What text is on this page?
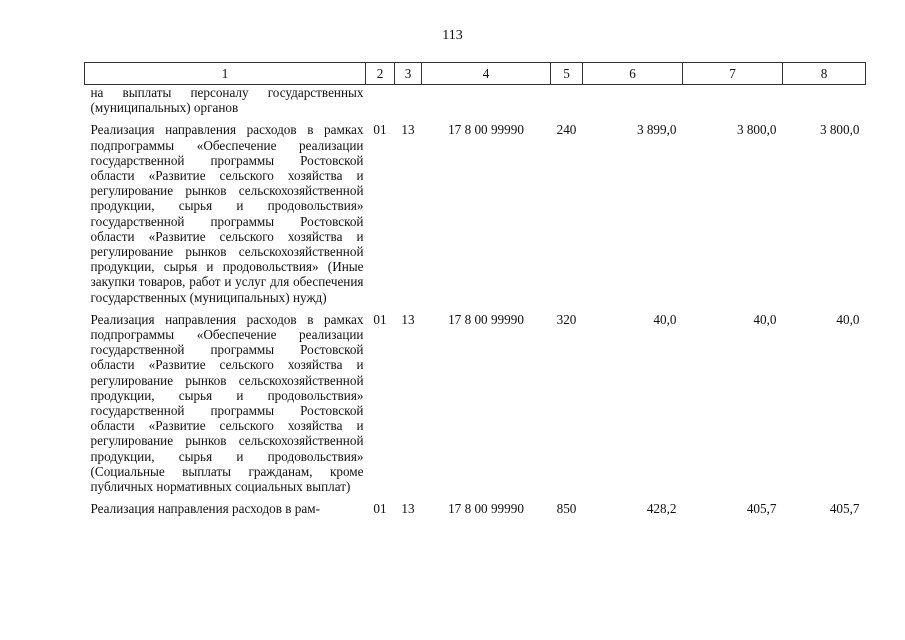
113
1	2	3	4	5	6	7	8
на выплаты персоналу государственных (муниципальных) органов							
Реализация направления расходов в рамках подпрограммы «Обеспечение реализации государственной программы Ростовской области «Развитие сельского хозяйства и регулирование рынков сельскохозяйственной продукции, сырья и продовольствия» государственной программы Ростовской области «Развитие сельского хозяйства и регулирование рынков сельскохозяйственной продукции, сырья и продовольствия» (Иные закупки товаров, работ и услуг для обеспечения государственных (муниципальных) нужд)	01	13	17 8 00 99990	240	3 899,0	3 800,0	3 800,0
Реализация направления расходов в рамках подпрограммы «Обеспечение реализации государственной программы Ростовской области «Развитие сельского хозяйства и регулирование рынков сельскохозяйственной продукции, сырья и продовольствия» государственной программы Ростовской области «Развитие сельского хозяйства и регулирование рынков сельскохозяйственной продукции, сырья и продовольствия» (Социальные выплаты гражданам, кроме публичных нормативных социальных выплат)	01	13	17 8 00 99990	320	40,0	40,0	40,0
Реализация направления расходов в рам-	01	13	17 8 00 99990	850	428,2	405,7	405,7
